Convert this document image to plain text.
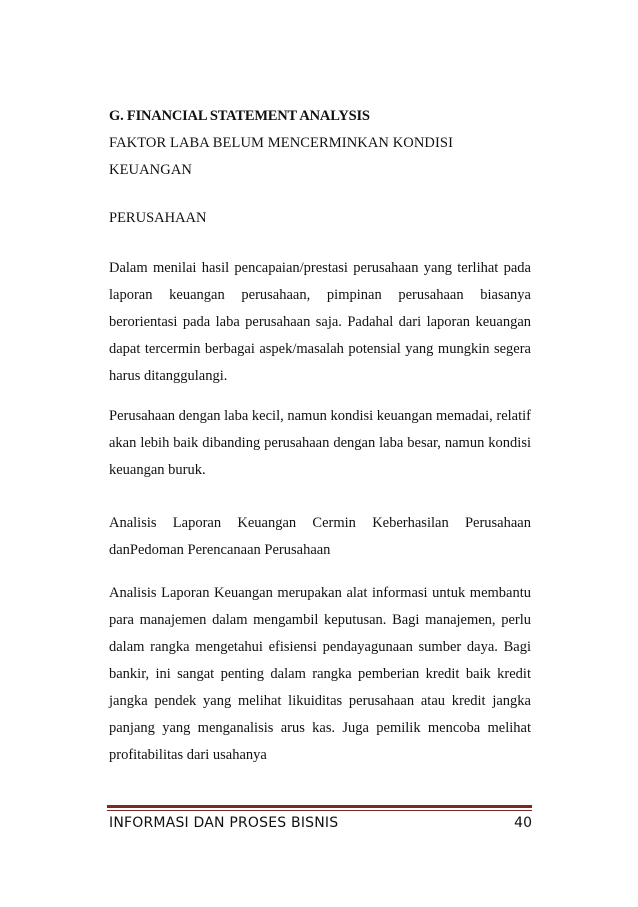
G. FINANCIAL STATEMENT ANALYSIS
FAKTOR LABA BELUM MENCERMINKAN KONDISI
KEUANGAN
PERUSAHAAN
Dalam menilai hasil pencapaian/prestasi perusahaan yang terlihat pada laporan keuangan perusahaan, pimpinan perusahaan biasanya berorientasi pada laba perusahaan saja. Padahal dari laporan keuangan dapat tercermin berbagai aspek/masalah potensial yang mungkin segera harus ditanggulangi.
Perusahaan dengan laba kecil, namun kondisi keuangan memadai, relatif akan lebih baik dibanding perusahaan dengan laba besar, namun kondisi keuangan buruk.
Analisis Laporan Keuangan Cermin Keberhasilan Perusahaan danPedoman Perencanaan Perusahaan
Analisis Laporan Keuangan merupakan alat informasi untuk membantu para manajemen dalam mengambil keputusan. Bagi manajemen, perlu dalam rangka mengetahui efisiensi pendayagunaan sumber daya. Bagi bankir, ini sangat penting dalam rangka pemberian kredit baik kredit jangka pendek yang melihat likuiditas perusahaan atau kredit jangka panjang yang menganalisis arus kas. Juga pemilik mencoba melihat profitabilitas dari usahanya
INFORMASI DAN PROSES BISNIS	40
